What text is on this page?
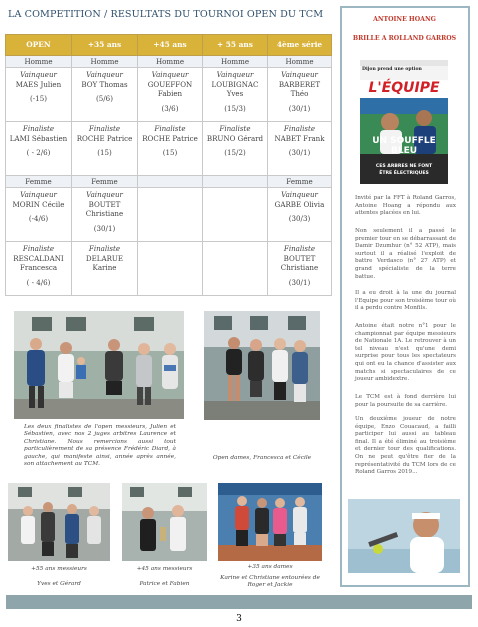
LA COMPETITION / RESULTATS DU TOURNOI OPEN DU TCM
OPEN	+35 ans	+45 ans	+ 55 ans	4ème série
Homme	Homme	Homme	Homme	Homme

Vainqueur
MAES Julien
(-15)	Vainqueur
BOY Thomas
(5/6)	Vainqueur
GOUEFFON Fabien
(3/6)	Vainqueur
LOUBIGNAC Yves
(15/3)	Vainqueur
BARBERET Théo
(30/1)

Finaliste
LAMI Sébastien
( - 2/6)	Finaliste
ROCHE Patrice
(15)	Finaliste
ROCHE Patrice
(15)	Finaliste
BRUNO Gérard
(15/2)	Finaliste
NABET Frank
(30/1)

Femme	Femme			Femme

Vainqueur
MORIN Cécile
(-4/6)	Vainqueur
BOUTET Christiane
(30/1)			Vainqueur
GARBE Olivia
(30/3)

Finaliste
RESCALDANI Francesca
( - 4/6)	Finaliste
DELARUE Karine			Finaliste
BOUTET Christiane
(30/1)
Les deux finalistes de l'open messieurs, Julien et Sébastien, avec nos 2 juges arbitres Laurence et Christiane. Nous remercions aussi tout particulièrement de sa présence Frédéric Diard, à gauche, qui manifeste ainsi, année après année, son attachement au TCM.
Open dames, Francesca et Cécile
+55 ans messieurs
Yves et Gérard
+45 ans messieurs
Patrice et Fabien
+35 ans dames
Karine et Christiane entourées de Roger et Jackie
ANTOINE HOANG
BRILLE A ROLLAND GARROS
Dijon prend une option
L'ÉQUIPE
UN SOUFFLE BLEU
CES ARBRES NE FONT
ÊTRE ÉLECTRIQUES

Invité par la FFT à Roland Garros, Antoine Hoang a répondu aux attentes placées en lui.

Non seulement il a passé le premier tour en se débarrassant de Damir Dzumhur (n° 52 ATP), mais surtout il a réalisé l'exploit de battre Verdasco (n° 27 ATP) et grand spécialiste de la terre battue.

Il a eu droit à la une du journal l'Equipe pour son troisième tour où il a perdu contre Monfils.

Antoine était notre n°1 pour le championnat par équipe messieurs de Nationale 1A. Le retrouver à un tel niveau n'est qu'une demi surprise pour tous les spectateurs qui ont eu la chance d'assister aux matchs si spectaculaires de ce joueur ambidextre.

Le TCM est à fond derrière lui pour la poursuite de sa carrière.

Un deuxième joueur de notre équipe, Enzo Couacaud, a failli participer lui aussi au tableau final. Il a été éliminé au troisième et dernier tour des qualifications. On ne peut qu'être fier de la représentativité du TCM lors de ce Roland Garros 2019...

3
